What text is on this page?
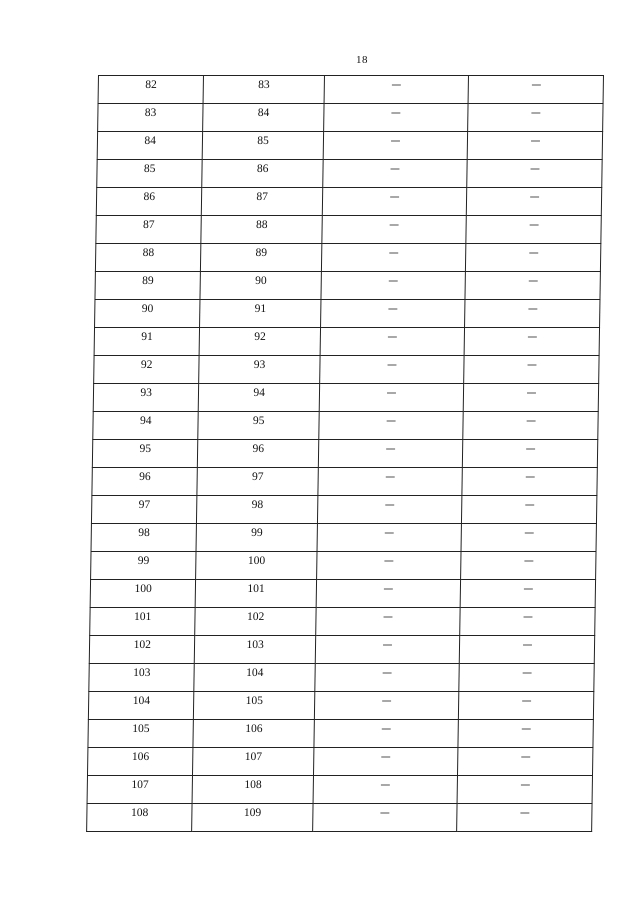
18
82	83	—	—
83	84	—	—
84	85	—	—
85	86	—	—
86	87	—	—
87	88	—	—
88	89	—	—
89	90	—	—
90	91	—	—
91	92	—	—
92	93	—	—
93	94	—	—
94	95	—	—
95	96	—	—
96	97	—	—
97	98	—	—
98	99	—	—
99	100	—	—
100	101	—	—
101	102	—	—
102	103	—	—
103	104	—	—
104	105	—	—
105	106	—	—
106	107	—	—
107	108	—	—
108	109	—	—
